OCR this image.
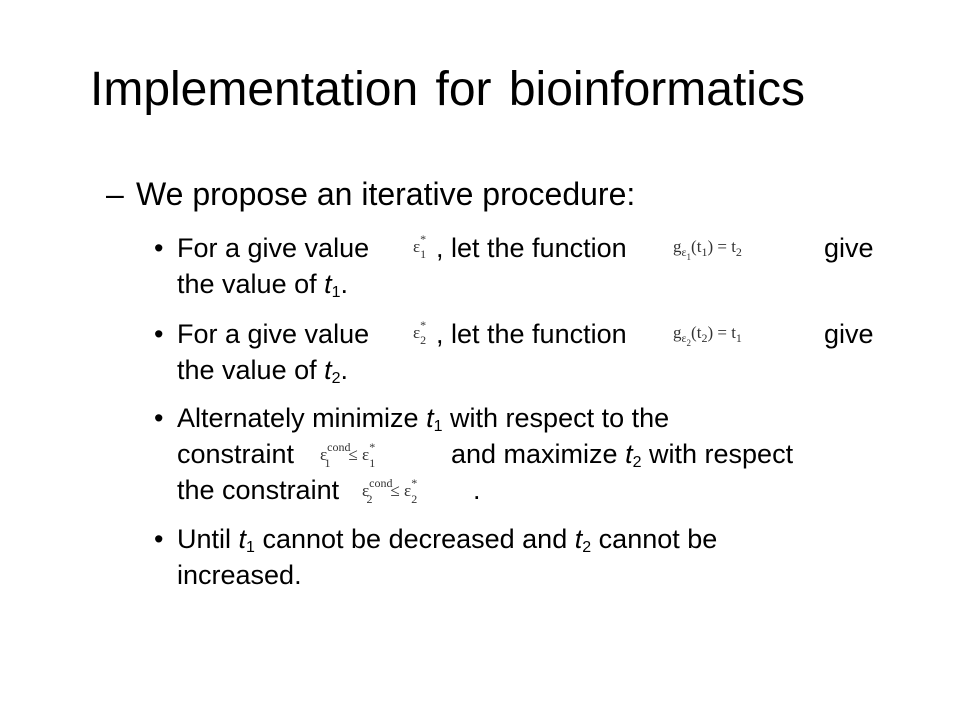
Implementation for bioinformatics
– We propose an iterative procedure:
• For a give value , let the function	give
the value of $t_1$.
$\varepsilon^*_1$	$g_{\varepsilon 1}(t_1) = t_2$
• For a give value , let the function	give
the value of $t_2$.
$\varepsilon^*_2$	$g_{\varepsilon 2}(t_2) = t_1$
• Alternately minimize $t_1$ with respect to the
constraint	and maximize $t_2$ with respect
the constraint	.
$\varepsilon^{cond}_1 \le \varepsilon^*_1$
$\varepsilon^{cond}_2 \le \varepsilon^*_2$
• Until $t_1$ cannot be decreased and $t_2$ cannot be
increased.
